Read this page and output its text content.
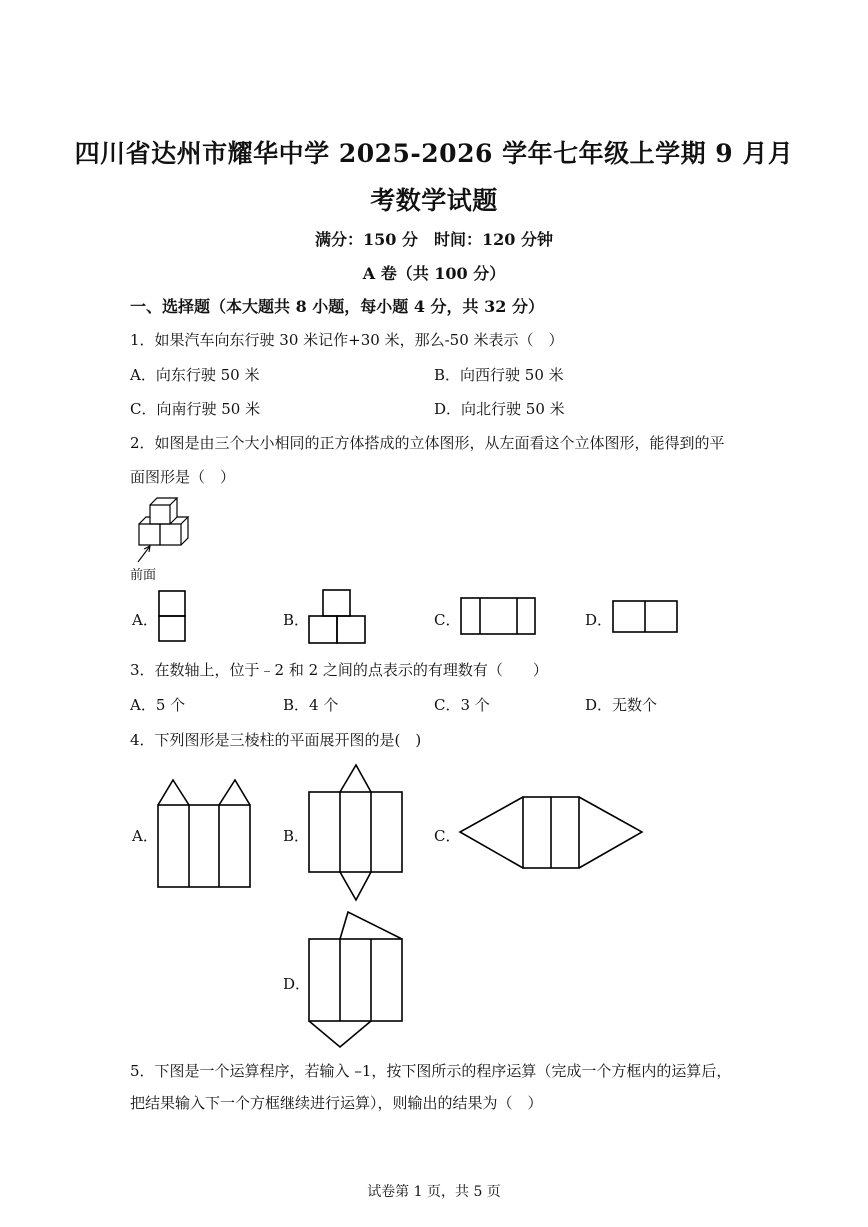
四川省达州市耀华中学 2025-2026 学年七年级上学期 9 月月
考数学试题
满分：150 分　时间：120 分钟
A 卷（共 100 分）
一、选择题（本大题共 8 小题，每小题 4 分，共 32 分）
1．如果汽车向东行驶 30 米记作+30 米，那么-50 米表示（　）
A．向东行驶 50 米	B．向西行驶 50 米
C．向南行驶 50 米	D．向北行驶 50 米
2．如图是由三个大小相同的正方体搭成的立体图形，从左面看这个立体图形，能得到的平
面图形是（　）
前面
A．	B．	C．	D．
3．在数轴上，位于﹣2 和 2 之间的点表示的有理数有（　　）
A．5 个	B．4 个	C．3 个	D．无数个
4．下列图形是三棱柱的平面展开图的是(　)
A．	B．	C．
D．
5．下图是一个运算程序，若输入 –1，按下图所示的程序运算（完成一个方框内的运算后，
把结果输入下一个方框继续进行运算），则输出的结果为（　）
试卷第 1 页，共 5 页
